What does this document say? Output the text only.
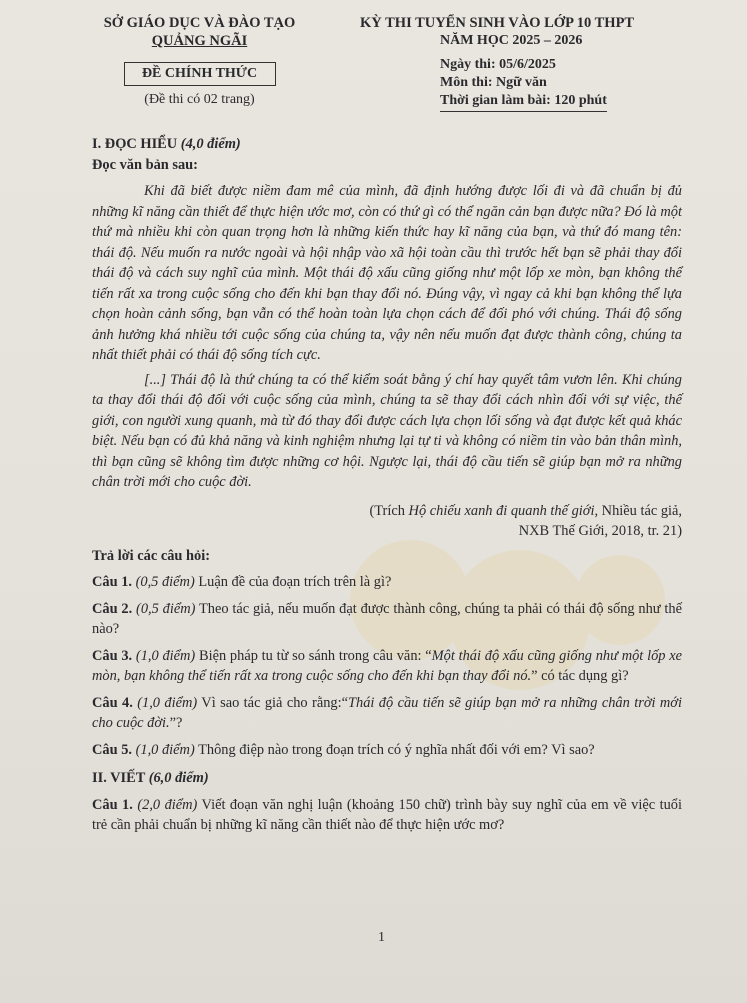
SỞ GIÁO DỤC VÀ ĐÀO TẠO
QUẢNG NGÃI
ĐỀ CHÍNH THỨC
(Đề thi có 02 trang)
KỲ THI TUYỂN SINH VÀO LỚP 10 THPT
NĂM HỌC 2025 – 2026
Ngày thi: 05/6/2025
Môn thi: Ngữ văn
Thời gian làm bài: 120 phút

I. ĐỌC HIỂU (4,0 điểm)

Đọc văn bản sau:

Khi đã biết được niềm đam mê của mình, đã định hướng được lối đi và đã chuẩn bị đủ những kĩ năng cần thiết để thực hiện ước mơ, còn có thứ gì có thể ngăn cản bạn được nữa? Đó là một thứ mà nhiều khi còn quan trọng hơn là những kiến thức hay kĩ năng của bạn, và thứ đó mang tên: thái độ. Nếu muốn ra nước ngoài và hội nhập vào xã hội toàn cầu thì trước hết bạn sẽ phải thay đổi thái độ và cách suy nghĩ của mình. Một thái độ xấu cũng giống như một lốp xe mòn, bạn không thể tiến rất xa trong cuộc sống cho đến khi bạn thay đổi nó. Đúng vậy, vì ngay cả khi bạn không thể lựa chọn hoàn cảnh sống, bạn vẫn có thể hoàn toàn lựa chọn cách để đối phó với chúng. Thái độ sống ảnh hưởng khá nhiều tới cuộc sống của chúng ta, vậy nên nếu muốn đạt được thành công, chúng ta nhất thiết phải có thái độ sống tích cực.

[...] Thái độ là thứ chúng ta có thể kiểm soát bằng ý chí hay quyết tâm vươn lên. Khi chúng ta thay đổi thái độ đối với cuộc sống của mình, chúng ta sẽ thay đổi cách nhìn đối với sự việc, thế giới, con người xung quanh, mà từ đó thay đổi được cách lựa chọn lối sống và đạt được kết quả khác biệt. Nếu bạn có đủ khả năng và kinh nghiệm nhưng lại tự ti và không có niềm tin vào bản thân mình, thì bạn cũng sẽ không tìm được những cơ hội. Ngược lại, thái độ cầu tiến sẽ giúp bạn mở ra những chân trời mới cho cuộc đời.

(Trích Hộ chiếu xanh đi quanh thế giới, Nhiều tác giả,
NXB Thế Giới, 2018, tr. 21)

Trả lời các câu hỏi:

Câu 1. (0,5 điểm) Luận đề của đoạn trích trên là gì?

Câu 2. (0,5 điểm) Theo tác giả, nếu muốn đạt được thành công, chúng ta phải có thái độ sống như thế nào?

Câu 3. (1,0 điểm) Biện pháp tu từ so sánh trong câu văn: “Một thái độ xấu cũng giống như một lốp xe mòn, bạn không thể tiến rất xa trong cuộc sống cho đến khi bạn thay đổi nó.” có tác dụng gì?

Câu 4. (1,0 điểm) Vì sao tác giả cho rằng:“Thái độ cầu tiến sẽ giúp bạn mở ra những chân trời mới cho cuộc đời.”?

Câu 5. (1,0 điểm) Thông điệp nào trong đoạn trích có ý nghĩa nhất đối với em? Vì sao?

II. VIẾT (6,0 điểm)

Câu 1. (2,0 điểm) Viết đoạn văn nghị luận (khoảng 150 chữ) trình bày suy nghĩ của em về việc tuổi trẻ cần phải chuẩn bị những kĩ năng cần thiết nào để thực hiện ước mơ?

1
